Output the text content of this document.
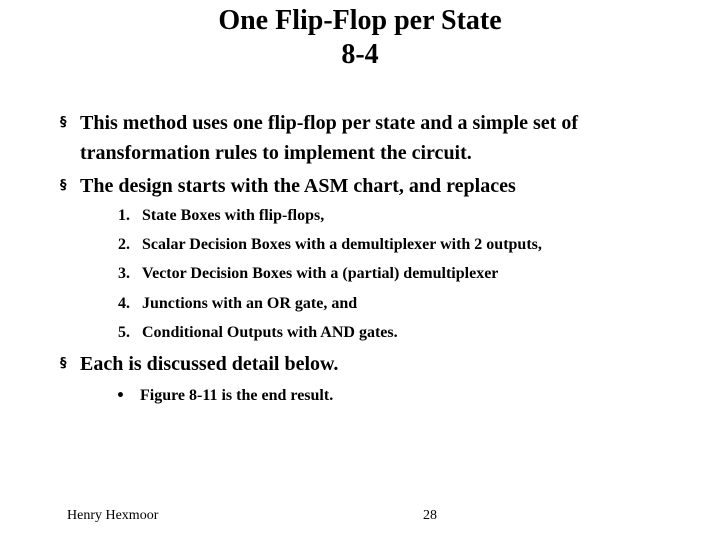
One Flip-Flop per State
8-4
§ This method uses one flip-flop per state and a simple set of transformation rules to implement the circuit.
§ The design starts with the ASM chart, and replaces
1. State Boxes with flip-flops,
2. Scalar Decision Boxes with a demultiplexer with 2 outputs,
3. Vector Decision Boxes with a (partial) demultiplexer
4. Junctions with an OR gate, and
5. Conditional Outputs with AND gates.
§ Each is discussed detail below.
• Figure 8-11 is the end result.
Henry Hexmoor	28
